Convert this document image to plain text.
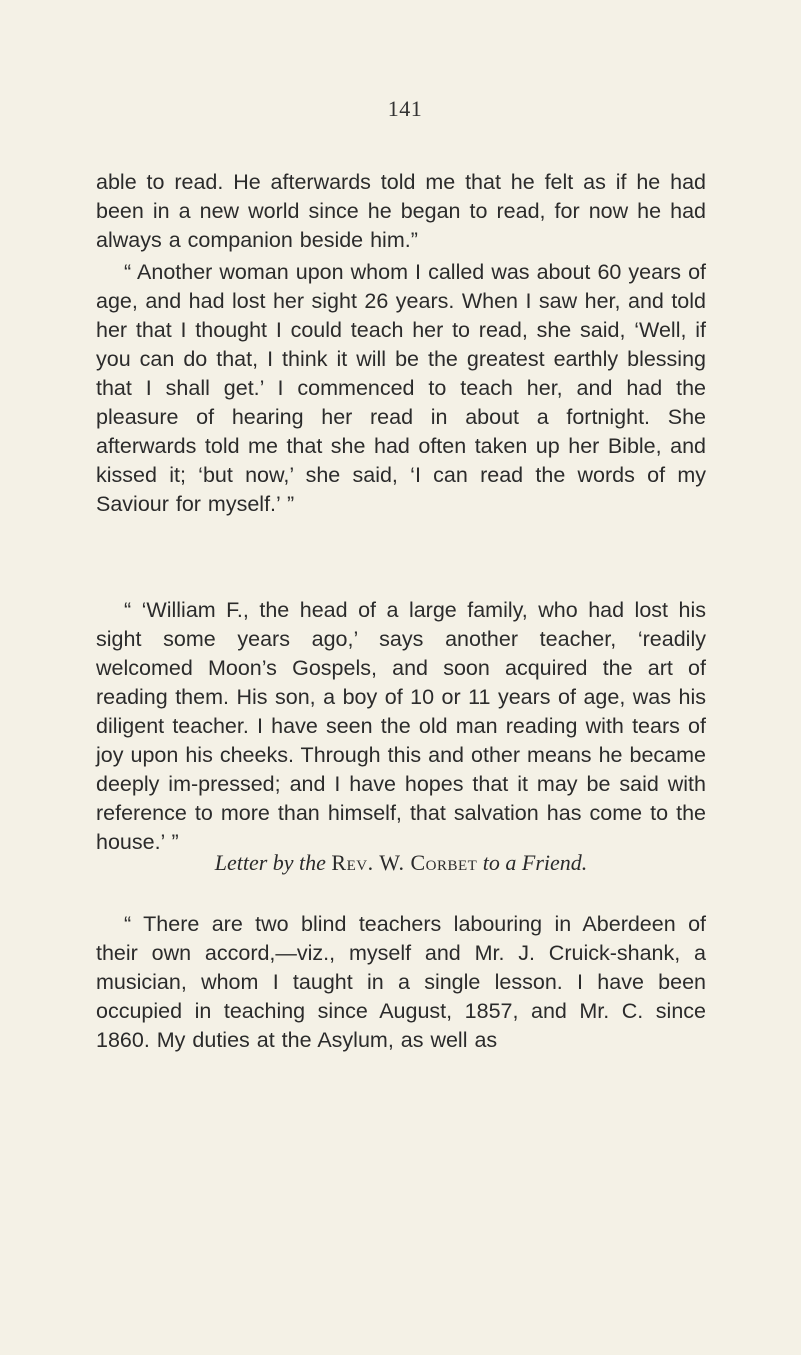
141

able to read. He afterwards told me that he felt as if he had been in a new world since he began to read, for now he had always a companion beside him.”

“ Another woman upon whom I called was about 60 years of age, and had lost her sight 26 years. When I saw her, and told her that I thought I could teach her to read, she said, ‘Well, if you can do that, I think it will be the greatest earthly blessing that I shall get.’ I commenced to teach her, and had the pleasure of hearing her read in about a fortnight. She afterwards told me that she had often taken up her Bible, and kissed it; ‘but now,’ she said, ‘I can read the words of my Saviour for myself.’ ”

“ ‘William F., the head of a large family, who had lost his sight some years ago,’ says another teacher, ‘readily welcomed Moon’s Gospels, and soon acquired the art of reading them. His son, a boy of 10 or 11 years of age, was his diligent teacher. I have seen the old man reading with tears of joy upon his cheeks. Through this and other means he became deeply im-pressed; and I have hopes that it may be said with reference to more than himself, that salvation has come to the house.’ ”

Letter by the Rev. W. Corbet to a Friend.

“ There are two blind teachers labouring in Aberdeen of their own accord,—viz., myself and Mr. J. Cruick-shank, a musician, whom I taught in a single lesson. I have been occupied in teaching since August, 1857, and Mr. C. since 1860. My duties at the Asylum, as well as
